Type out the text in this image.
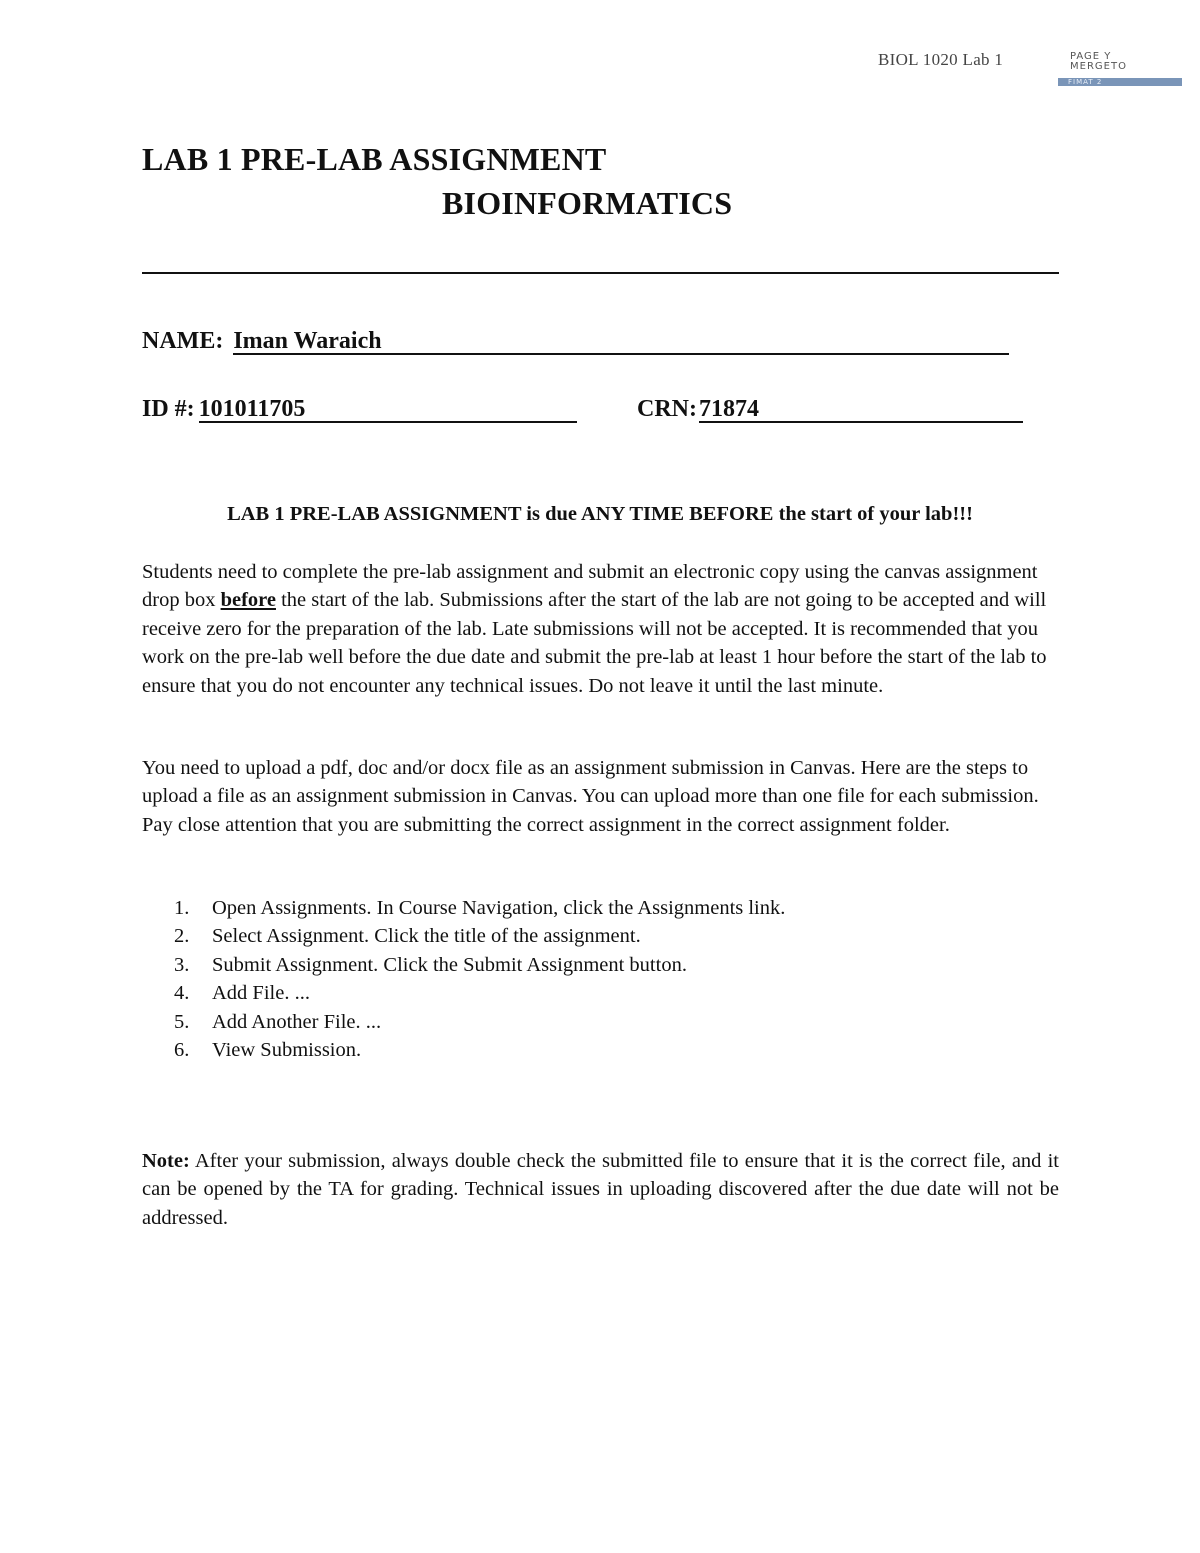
BIOL 1020 Lab 1	PAGE Y
MERGETO
FIMAT 2
LAB 1 PRE-LAB ASSIGNMENT
BIOINFORMATICS
NAME: Iman Waraich
ID #: 101011705	CRN:71874
LAB 1 PRE-LAB ASSIGNMENT is due ANY TIME BEFORE the start of your lab!!!
Students need to complete the pre-lab assignment and submit an electronic copy using the canvas assignment drop box before the start of the lab. Submissions after the start of the lab are not going to be accepted and will receive zero for the preparation of the lab. Late submissions will not be accepted. It is recommended that you work on the pre-lab well before the due date and submit the pre-lab at least 1 hour before the start of the lab to ensure that you do not encounter any technical issues. Do not leave it until the last minute.
You need to upload a pdf, doc and/or docx file as an assignment submission in Canvas. Here are the steps to upload a file as an assignment submission in Canvas. You can upload more than one file for each submission. Pay close attention that you are submitting the correct assignment in the correct assignment folder.
1. Open Assignments. In Course Navigation, click the Assignments link.
2. Select Assignment. Click the title of the assignment.
3. Submit Assignment. Click the Submit Assignment button.
4. Add File. ...
5. Add Another File. ...
6. View Submission.
Note: After your submission, always double check the submitted file to ensure that it is the correct file, and it can be opened by the TA for grading. Technical issues in uploading discovered after the due date will not be addressed.
